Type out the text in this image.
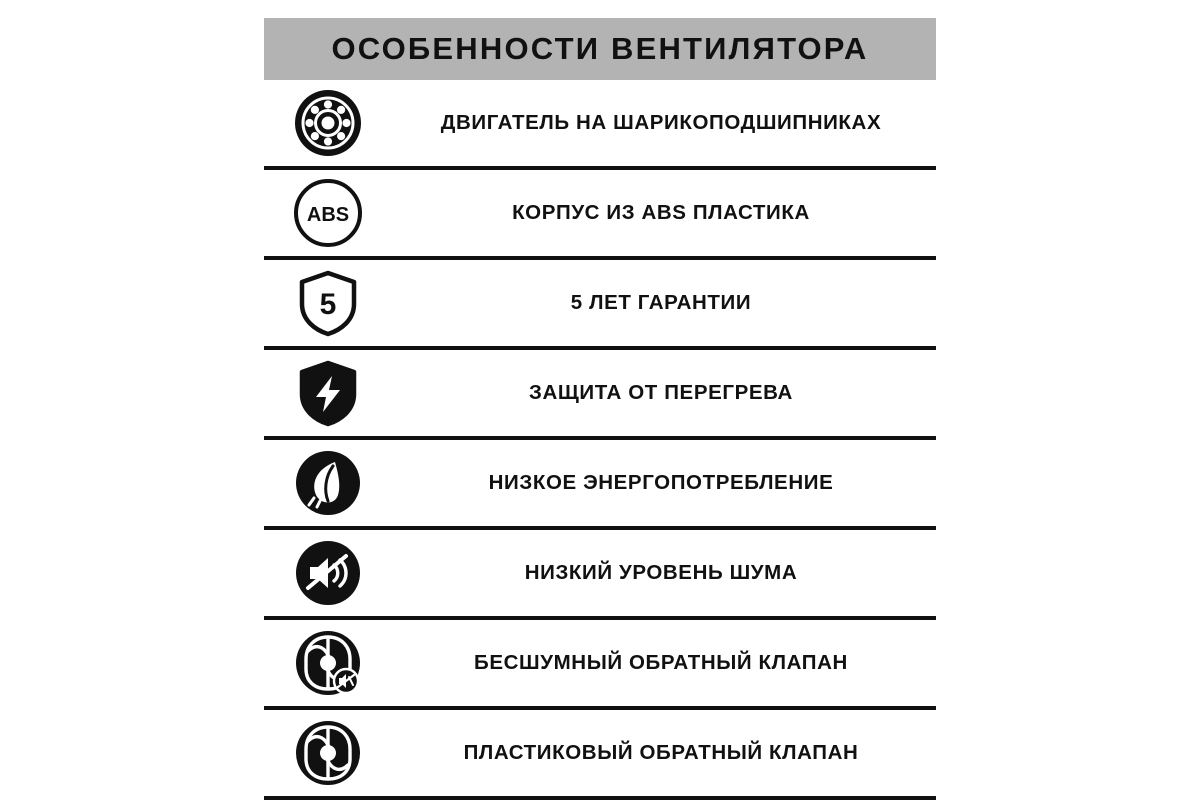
ОСОБЕННОСТИ ВЕНТИЛЯТОРА
ДВИГАТЕЛЬ НА ШАРИКОПОДШИПНИКАХ
ABS	КОРПУС ИЗ ABS ПЛАСТИКА
5	5 ЛЕТ ГАРАНТИИ
ЗАЩИТА ОТ ПЕРЕГРЕВА
НИЗКОЕ ЭНЕРГОПОТРЕБЛЕНИЕ
НИЗКИЙ УРОВЕНЬ ШУМА
БЕСШУМНЫЙ ОБРАТНЫЙ КЛАПАН
ПЛАСТИКОВЫЙ ОБРАТНЫЙ КЛАПАН
